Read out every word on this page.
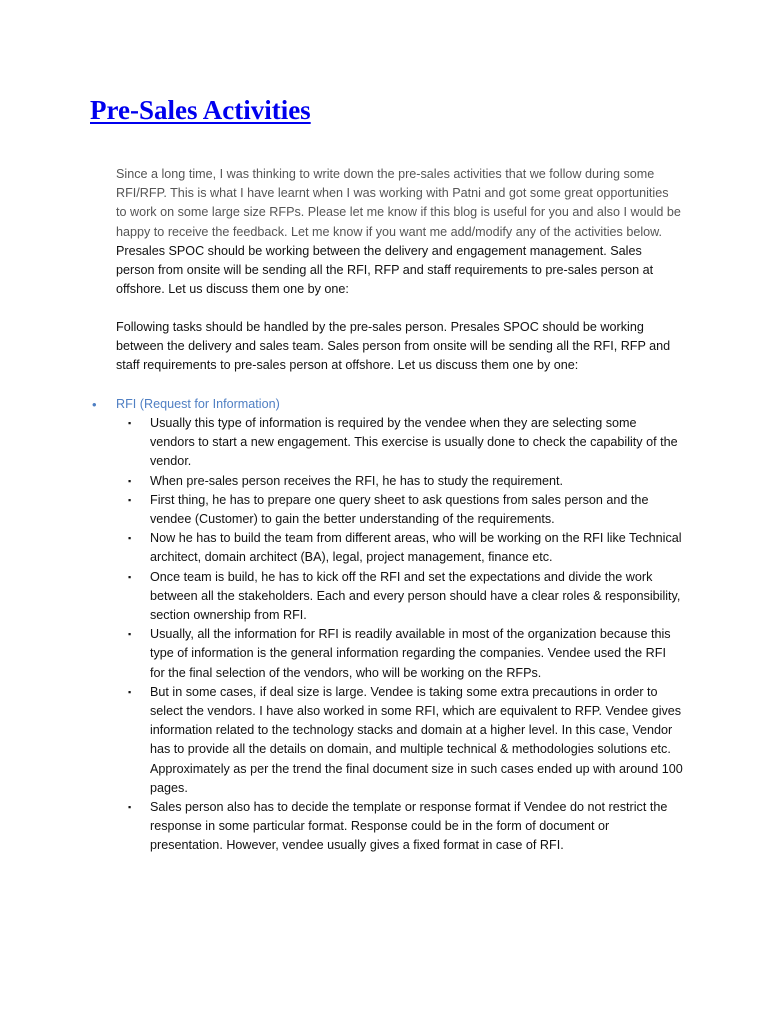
Pre-Sales Activities
Since a long time, I was thinking to write down the pre-sales activities that we follow during some RFI/RFP. This is what I have learnt when I was working with Patni and got some great opportunities to work on some large size RFPs. Please let me know if this blog is useful for you and also I would be happy to receive the feedback. Let me know if you want me add/modify any of the activities below. Presales SPOC should be working between the delivery and engagement management. Sales person from onsite will be sending all the RFI, RFP and staff requirements to pre-sales person at offshore. Let us discuss them one by one:
Following tasks should be handled by the pre-sales person. Presales SPOC should be working between the delivery and sales team. Sales person from onsite will be sending all the RFI, RFP and staff requirements to pre-sales person at offshore. Let us discuss them one by one:
• RFI (Request for Information)
▪	Usually this type of information is required by the vendee when they are selecting some vendors to start a new engagement. This exercise is usually done to check the capability of the vendor.
▪	When pre-sales person receives the RFI, he has to study the requirement.
▪	First thing, he has to prepare one query sheet to ask questions from sales person and the vendee (Customer) to gain the better understanding of the requirements.
▪	Now he has to build the team from different areas, who will be working on the RFI like Technical architect, domain architect (BA), legal, project management, finance etc.
▪	Once team is build, he has to kick off the RFI and set the expectations and divide the work between all the stakeholders. Each and every person should have a clear roles & responsibility, section ownership from RFI.
▪	Usually, all the information for RFI is readily available in most of the organization because this type of information is the general information regarding the companies. Vendee used the RFI for the final selection of the vendors, who will be working on the RFPs.
▪	But in some cases, if deal size is large. Vendee is taking some extra precautions in order to select the vendors. I have also worked in some RFI, which are equivalent to RFP. Vendee gives information related to the technology stacks and domain at a higher level. In this case, Vendor has to provide all the details on domain, and multiple technical & methodologies solutions etc. Approximately as per the trend the final document size in such cases ended up with around 100 pages.
▪	Sales person also has to decide the template or response format if Vendee do not restrict the response in some particular format. Response could be in the form of document or presentation. However, vendee usually gives a fixed format in case of RFI.
